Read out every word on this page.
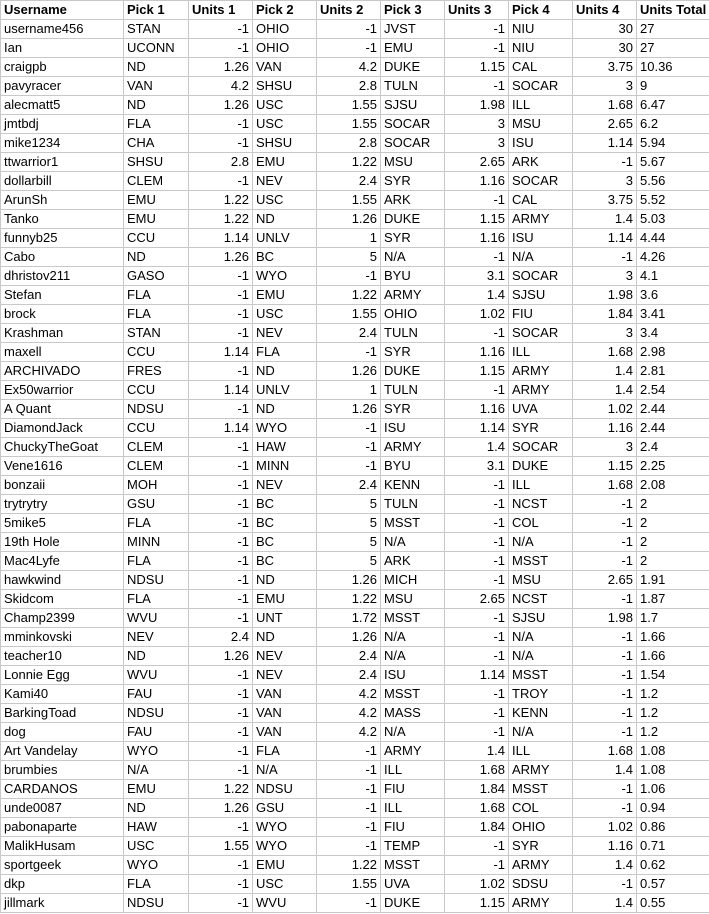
Username	Pick 1	Units 1	Pick 2	Units 2	Pick 3	Units 3	Pick 4	Units 4	Units Total
username456	STAN	-1	OHIO	-1	JVST	-1	NIU	30	27
Ian	UCONN	-1	OHIO	-1	EMU	-1	NIU	30	27
craigpb	ND	1.26	VAN	4.2	DUKE	1.15	CAL	3.75	10.36
pavyracer	VAN	4.2	SHSU	2.8	TULN	-1	SOCAR	3	9
alecmatt5	ND	1.26	USC	1.55	SJSU	1.98	ILL	1.68	6.47
jmtbdj	FLA	-1	USC	1.55	SOCAR	3	MSU	2.65	6.2
mike1234	CHA	-1	SHSU	2.8	SOCAR	3	ISU	1.14	5.94
ttwarrior1	SHSU	2.8	EMU	1.22	MSU	2.65	ARK	-1	5.67
dollarbill	CLEM	-1	NEV	2.4	SYR	1.16	SOCAR	3	5.56
ArunSh	EMU	1.22	USC	1.55	ARK	-1	CAL	3.75	5.52
Tanko	EMU	1.22	ND	1.26	DUKE	1.15	ARMY	1.4	5.03
funnyb25	CCU	1.14	UNLV	1	SYR	1.16	ISU	1.14	4.44
Cabo	ND	1.26	BC	5	N/A	-1	N/A	-1	4.26
dhristov211	GASO	-1	WYO	-1	BYU	3.1	SOCAR	3	4.1
Stefan	FLA	-1	EMU	1.22	ARMY	1.4	SJSU	1.98	3.6
brock	FLA	-1	USC	1.55	OHIO	1.02	FIU	1.84	3.41
Krashman	STAN	-1	NEV	2.4	TULN	-1	SOCAR	3	3.4
maxell	CCU	1.14	FLA	-1	SYR	1.16	ILL	1.68	2.98
ARCHIVADO	FRES	-1	ND	1.26	DUKE	1.15	ARMY	1.4	2.81
Ex50warrior	CCU	1.14	UNLV	1	TULN	-1	ARMY	1.4	2.54
A Quant	NDSU	-1	ND	1.26	SYR	1.16	UVA	1.02	2.44
DiamondJack	CCU	1.14	WYO	-1	ISU	1.14	SYR	1.16	2.44
ChuckyTheGoat	CLEM	-1	HAW	-1	ARMY	1.4	SOCAR	3	2.4
Vene1616	CLEM	-1	MINN	-1	BYU	3.1	DUKE	1.15	2.25
bonzaii	MOH	-1	NEV	2.4	KENN	-1	ILL	1.68	2.08
trytrytry	GSU	-1	BC	5	TULN	-1	NCST	-1	2
5mike5	FLA	-1	BC	5	MSST	-1	COL	-1	2
19th Hole	MINN	-1	BC	5	N/A	-1	N/A	-1	2
Mac4Lyfe	FLA	-1	BC	5	ARK	-1	MSST	-1	2
hawkwind	NDSU	-1	ND	1.26	MICH	-1	MSU	2.65	1.91
Skidcom	FLA	-1	EMU	1.22	MSU	2.65	NCST	-1	1.87
Champ2399	WVU	-1	UNT	1.72	MSST	-1	SJSU	1.98	1.7
mminkovski	NEV	2.4	ND	1.26	N/A	-1	N/A	-1	1.66
teacher10	ND	1.26	NEV	2.4	N/A	-1	N/A	-1	1.66
Lonnie Egg	WVU	-1	NEV	2.4	ISU	1.14	MSST	-1	1.54
Kami40	FAU	-1	VAN	4.2	MSST	-1	TROY	-1	1.2
BarkingToad	NDSU	-1	VAN	4.2	MASS	-1	KENN	-1	1.2
dog	FAU	-1	VAN	4.2	N/A	-1	N/A	-1	1.2
Art Vandelay	WYO	-1	FLA	-1	ARMY	1.4	ILL	1.68	1.08
brumbies	N/A	-1	N/A	-1	ILL	1.68	ARMY	1.4	1.08
CARDANOS	EMU	1.22	NDSU	-1	FIU	1.84	MSST	-1	1.06
unde0087	ND	1.26	GSU	-1	ILL	1.68	COL	-1	0.94
pabonaparte	HAW	-1	WYO	-1	FIU	1.84	OHIO	1.02	0.86
MalikHusam	USC	1.55	WYO	-1	TEMP	-1	SYR	1.16	0.71
sportgeek	WYO	-1	EMU	1.22	MSST	-1	ARMY	1.4	0.62
dkp	FLA	-1	USC	1.55	UVA	1.02	SDSU	-1	0.57
jillmark	NDSU	-1	WVU	-1	DUKE	1.15	ARMY	1.4	0.55
